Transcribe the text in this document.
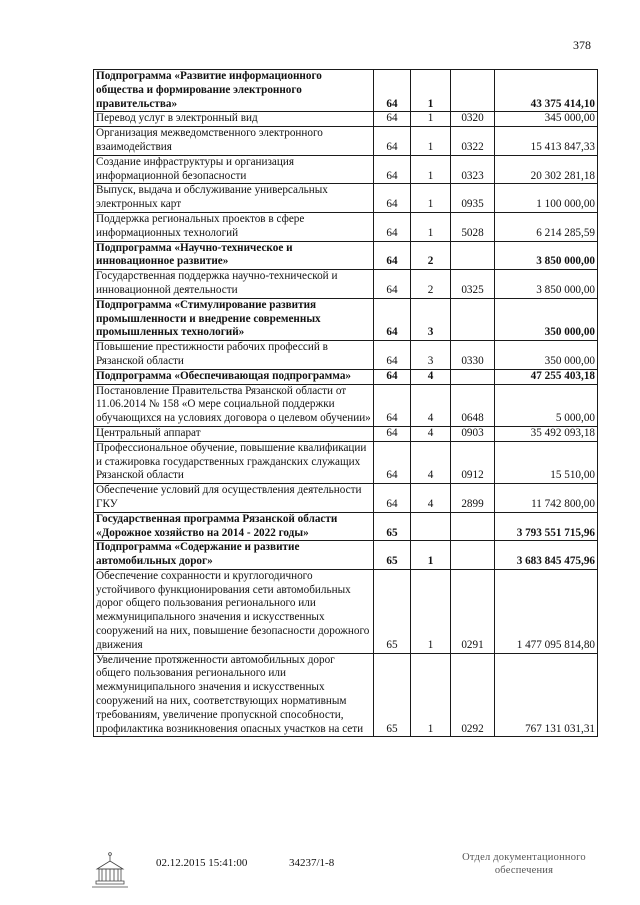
378
Подпрограмма «Развитие информационного общества и формирование электронного правительства»	64	1		43 375 414,10
Перевод услуг в электронный вид	64	1	0320	345 000,00
Организация межведомственного электронного взаимодействия	64	1	0322	15 413 847,33
Создание инфраструктуры и организация информационной безопасности	64	1	0323	20 302 281,18
Выпуск, выдача и обслуживание универсальных электронных карт	64	1	0935	1 100 000,00
Поддержка региональных проектов в сфере информационных технологий	64	1	5028	6 214 285,59
Подпрограмма «Научно-техническое и инновационное развитие»	64	2		3 850 000,00
Государственная поддержка научно-технической и инновационной деятельности	64	2	0325	3 850 000,00
Подпрограмма «Стимулирование развития промышленности и внедрение современных промышленных технологий»	64	3		350 000,00
Повышение престижности рабочих профессий в Рязанской области	64	3	0330	350 000,00
Подпрограмма «Обеспечивающая подпрограмма»	64	4		47 255 403,18
Постановление Правительства Рязанской области от 11.06.2014 № 158 «О мере социальной поддержки обучающихся на условиях договора о целевом обучении»	64	4	0648	5 000,00
Центральный аппарат	64	4	0903	35 492 093,18
Профессиональное обучение, повышение квалификации и стажировка государственных гражданских служащих Рязанской области	64	4	0912	15 510,00
Обеспечение условий для осуществления деятельности ГКУ	64	4	2899	11 742 800,00
Государственная программа Рязанской области «Дорожное хозяйство на 2014 - 2022 годы»	65			3 793 551 715,96
Подпрограмма «Содержание и развитие автомобильных дорог»	65	1		3 683 845 475,96
Обеспечение сохранности и круглогодичного устойчивого функционирования сети автомобильных дорог общего пользования регионального или межмуниципального значения и искусственных сооружений на них, повышение безопасности дорожного движения	65	1	0291	1 477 095 814,80
Увеличение протяженности автомобильных дорог общего пользования регионального или межмуниципального значения и искусственных сооружений на них, соответствующих нормативным требованиям, увеличение пропускной способности, профилактика возникновения опасных участков на сети	65	1	0292	767 131 031,31
02.12.2015 15:41:00	34237/1-8	Отдел документационного обеспечения
